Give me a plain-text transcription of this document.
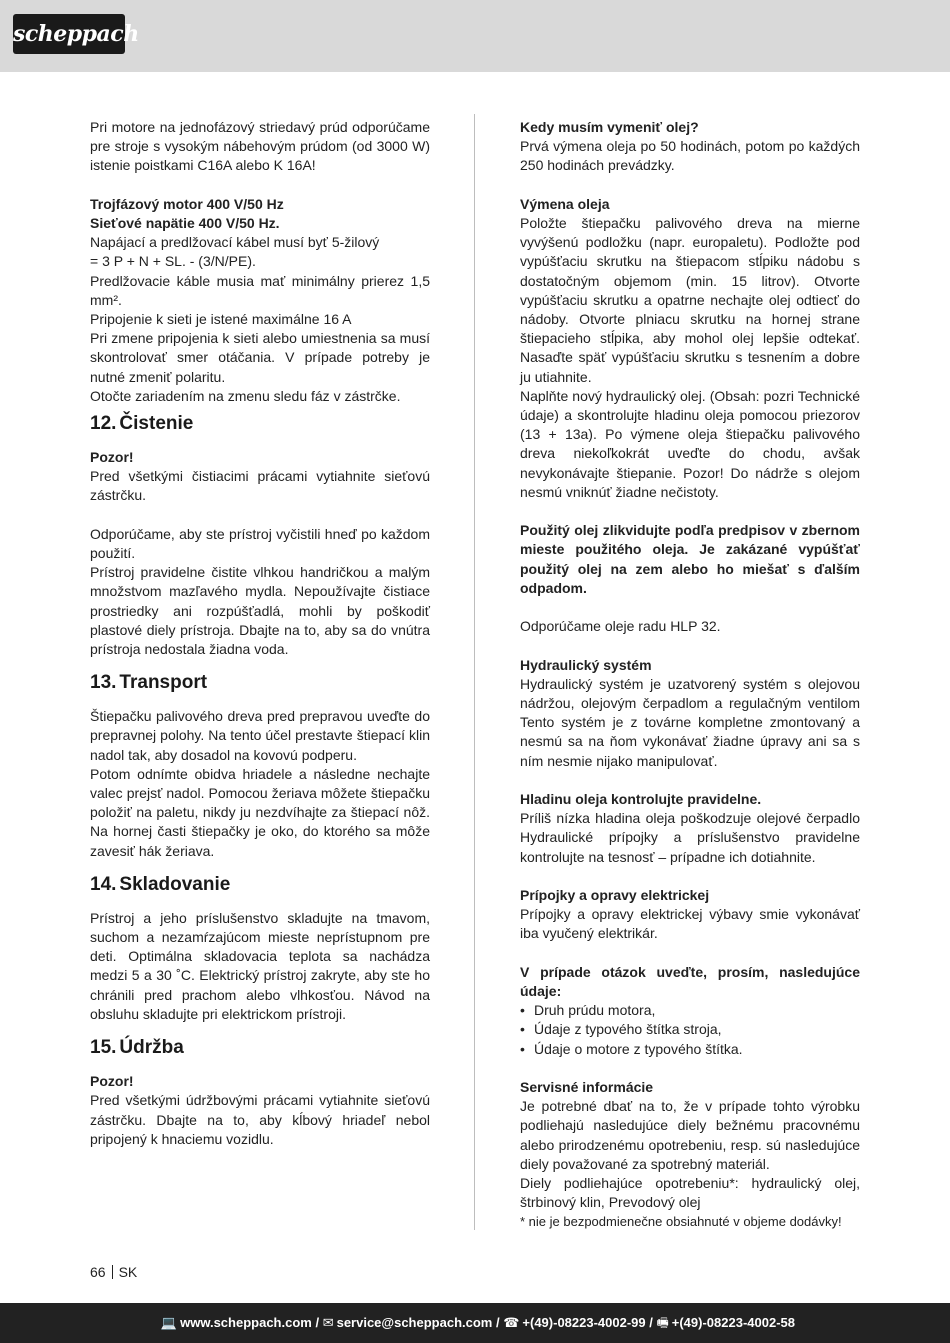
scheppach

Pri motore na jednofázový striedavý prúd odporúčame pre stroje s vysokým nábehovým prúdom (od 3000 W) istenie poistkami C16A alebo K 16A!

Trojfázový motor 400 V/50 Hz

Sieťové napätie 400 V/50 Hz.

Napájací a predlžovací kábel musí byť 5-žilový

= 3 P + N + SL. - (3/N/PE).

Predlžovacie káble musia mať minimálny prierez 1,5 mm².

Pripojenie k sieti je istené maximálne 16 A

Pri zmene pripojenia k sieti alebo umiestnenia sa musí skontrolovať smer otáčania. V prípade potreby je nutné zmeniť polaritu.

Otočte zariadením na zmenu sledu fáz v zástrčke.

12. Čistenie

Pozor!

Pred všetkými čistiacimi prácami vytiahnite sieťovú zástrčku.

Odporúčame, aby ste prístroj vyčistili hneď po každom použití.

Prístroj pravidelne čistite vlhkou handričkou a malým množstvom mazľavého mydla. Nepoužívajte čistiace prostriedky ani rozpúšťadlá, mohli by poškodiť plastové diely prístroja. Dbajte na to, aby sa do vnútra prístroja nedostala žiadna voda.

13. Transport

Štiepačku palivového dreva pred prepravou uveďte do prepravnej polohy. Na tento účel prestavte štiepací klin nadol tak, aby dosadol na kovovú podperu.

Potom odnímte obidva hriadele a následne nechajte valec prejsť nadol. Pomocou žeriava môžete štiepačku položiť na paletu, nikdy ju nezdvíhajte za štiepací nôž. Na hornej časti štiepačky je oko, do ktorého sa môže zavesiť hák žeriava.

14. Skladovanie

Prístroj a jeho príslušenstvo skladujte na tmavom, suchom a nezamŕzajúcom mieste neprístupnom pre deti. Optimálna skladovacia teplota sa nachádza medzi 5 a 30 ˚C. Elektrický prístroj zakryte, aby ste ho chránili pred prachom alebo vlhkosťou. Návod na obsluhu skladujte pri elektrickom prístroji.

15. Údržba

Pozor!

Pred všetkými údržbovými prácami vytiahnite sieťovú zástrčku. Dbajte na to, aby kĺbový hriadeľ nebol pripojený k hnaciemu vozidlu.

Kedy musím vymeniť olej?

Prvá výmena oleja po 50 hodinách, potom po každých 250 hodinách prevádzky.

Výmena oleja

Položte štiepačku palivového dreva na mierne vyvýšenú podložku (napr. europaletu). Podložte pod vypúšťaciu skrutku na štiepacom stĺpiku nádobu s dostatočným objemom (min. 15 litrov). Otvorte vypúšťaciu skrutku a opatrne nechajte olej odtiecť do nádoby. Otvorte plniacu skrutku na hornej strane štiepacieho stĺpika, aby mohol olej lepšie odtekať. Nasaďte späť vypúšťaciu skrutku s tesnením a dobre ju utiahnite.

Naplňte nový hydraulický olej. (Obsah: pozri Technické údaje) a skontrolujte hladinu oleja pomocou priezorov (13 + 13a). Po výmene oleja štiepačku palivového dreva niekoľkokrát uveďte do chodu, avšak nevykonávajte štiepanie. Pozor! Do nádrže s olejom nesmú vniknúť žiadne nečistoty.

Použitý olej zlikvidujte podľa predpisov v zbernom mieste použitého oleja. Je zakázané vypúšťať použitý olej na zem alebo ho miešať s ďalším odpadom.

Odporúčame oleje radu HLP 32.

Hydraulický systém

Hydraulický systém je uzatvorený systém s olejovou nádržou, olejovým čerpadlom a regulačným ventilom Tento systém je z továrne kompletne zmontovaný a nesmú sa na ňom vykonávať žiadne úpravy ani sa s ním nesmie nijako manipulovať.

Hladinu oleja kontrolujte pravidelne.

Príliš nízka hladina oleja poškodzuje olejové čerpadlo Hydraulické prípojky a príslušenstvo pravidelne kontrolujte na tesnosť – prípadne ich dotiahnite.

Prípojky a opravy elektrickej

Prípojky a opravy elektrickej výbavy smie vykonávať iba vyučený elektrikár.

V prípade otázok uveďte, prosím, nasledujúce údaje:

• Druh prúdu motora,
• Údaje z typového štítka stroja,
• Údaje o motore z typového štítka.

Servisné informácie

Je potrebné dbať na to, že v prípade tohto výrobku podliehajú nasledujúce diely bežnému pracovnému alebo prirodzenému opotrebeniu, resp. sú nasledujúce diely považované za spotrebný materiál.

Diely podliehajúce opotrebeniu*: hydraulický olej, štrbinový klin, Prevodový olej

* nie je bezpodmienečne obsiahnuté v objeme dodávky!

66 SK
💻 www.scheppach.com / ✉ service@scheppach.com / ☎ +(49)-08223-4002-99 / 🖷 +(49)-08223-4002-58
